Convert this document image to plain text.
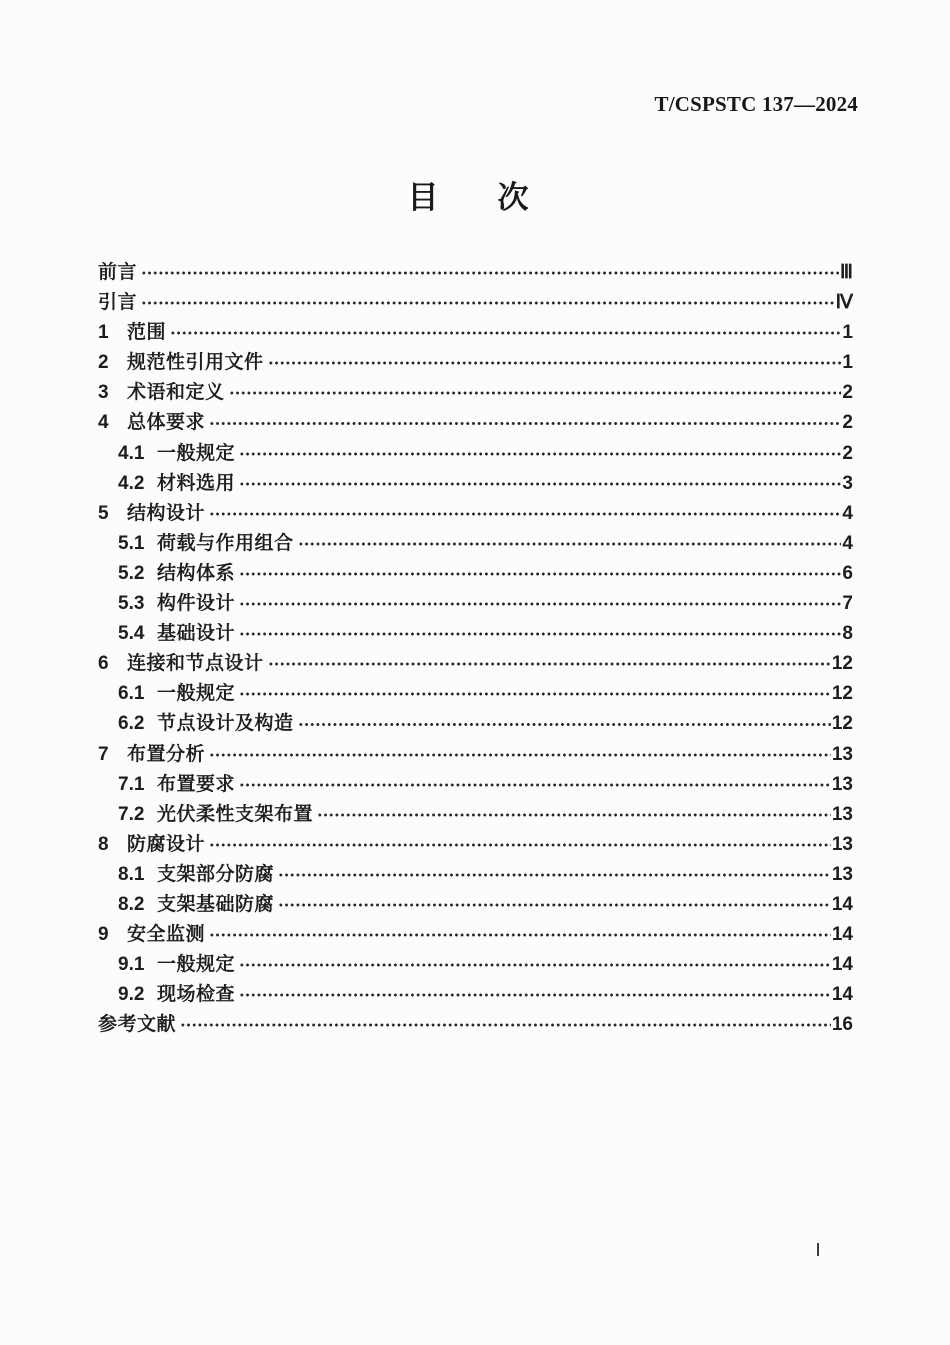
T/CSPSTC 137—2024
目　次
前言	Ⅲ
引言	Ⅳ
1 范围	1
2 规范性引用文件	1
3 术语和定义	2
4 总体要求	2
4.1 一般规定	2
4.2 材料选用	3
5 结构设计	4
5.1 荷载与作用组合	4
5.2 结构体系	6
5.3 构件设计	7
5.4 基础设计	8
6 连接和节点设计	12
6.1 一般规定	12
6.2 节点设计及构造	12
7 布置分析	13
7.1 布置要求	13
7.2 光伏柔性支架布置	13
8 防腐设计	13
8.1 支架部分防腐	13
8.2 支架基础防腐	14
9 安全监测	14
9.1 一般规定	14
9.2 现场检查	14
参考文献	16
Ⅰ
